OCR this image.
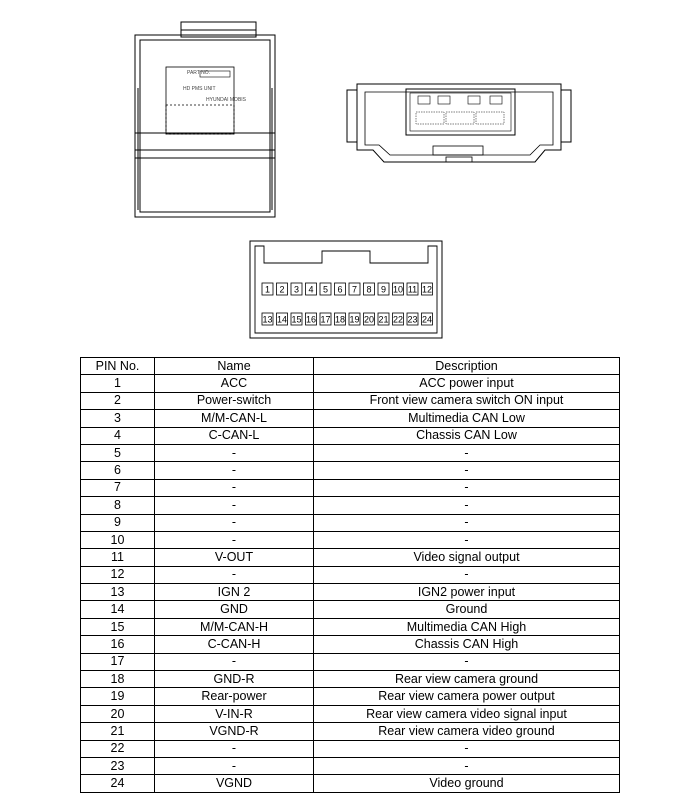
PART NO.
HD PMS UNIT
HYUNDAI MOBIS
1 2 3 4 5 6 7 8 9 10 11 12
13 14 15 16 17 18 19 20 21 22 23 24
PIN No.	Name	Description
1	ACC	ACC power input
2	Power-switch	Front view camera switch ON input
3	M/M-CAN-L	Multimedia CAN Low
4	C-CAN-L	Chassis CAN Low
5	-	-
6	-	-
7	-	-
8	-	-
9	-	-
10	-	-
11	V-OUT	Video signal output
12	-	-
13	IGN 2	IGN2 power input
14	GND	Ground
15	M/M-CAN-H	Multimedia CAN High
16	C-CAN-H	Chassis CAN High
17	-	-
18	GND-R	Rear view camera ground
19	Rear-power	Rear view camera power output
20	V-IN-R	Rear view camera video signal input
21	VGND-R	Rear view camera video ground
22	-	-
23	-	-
24	VGND	Video ground
